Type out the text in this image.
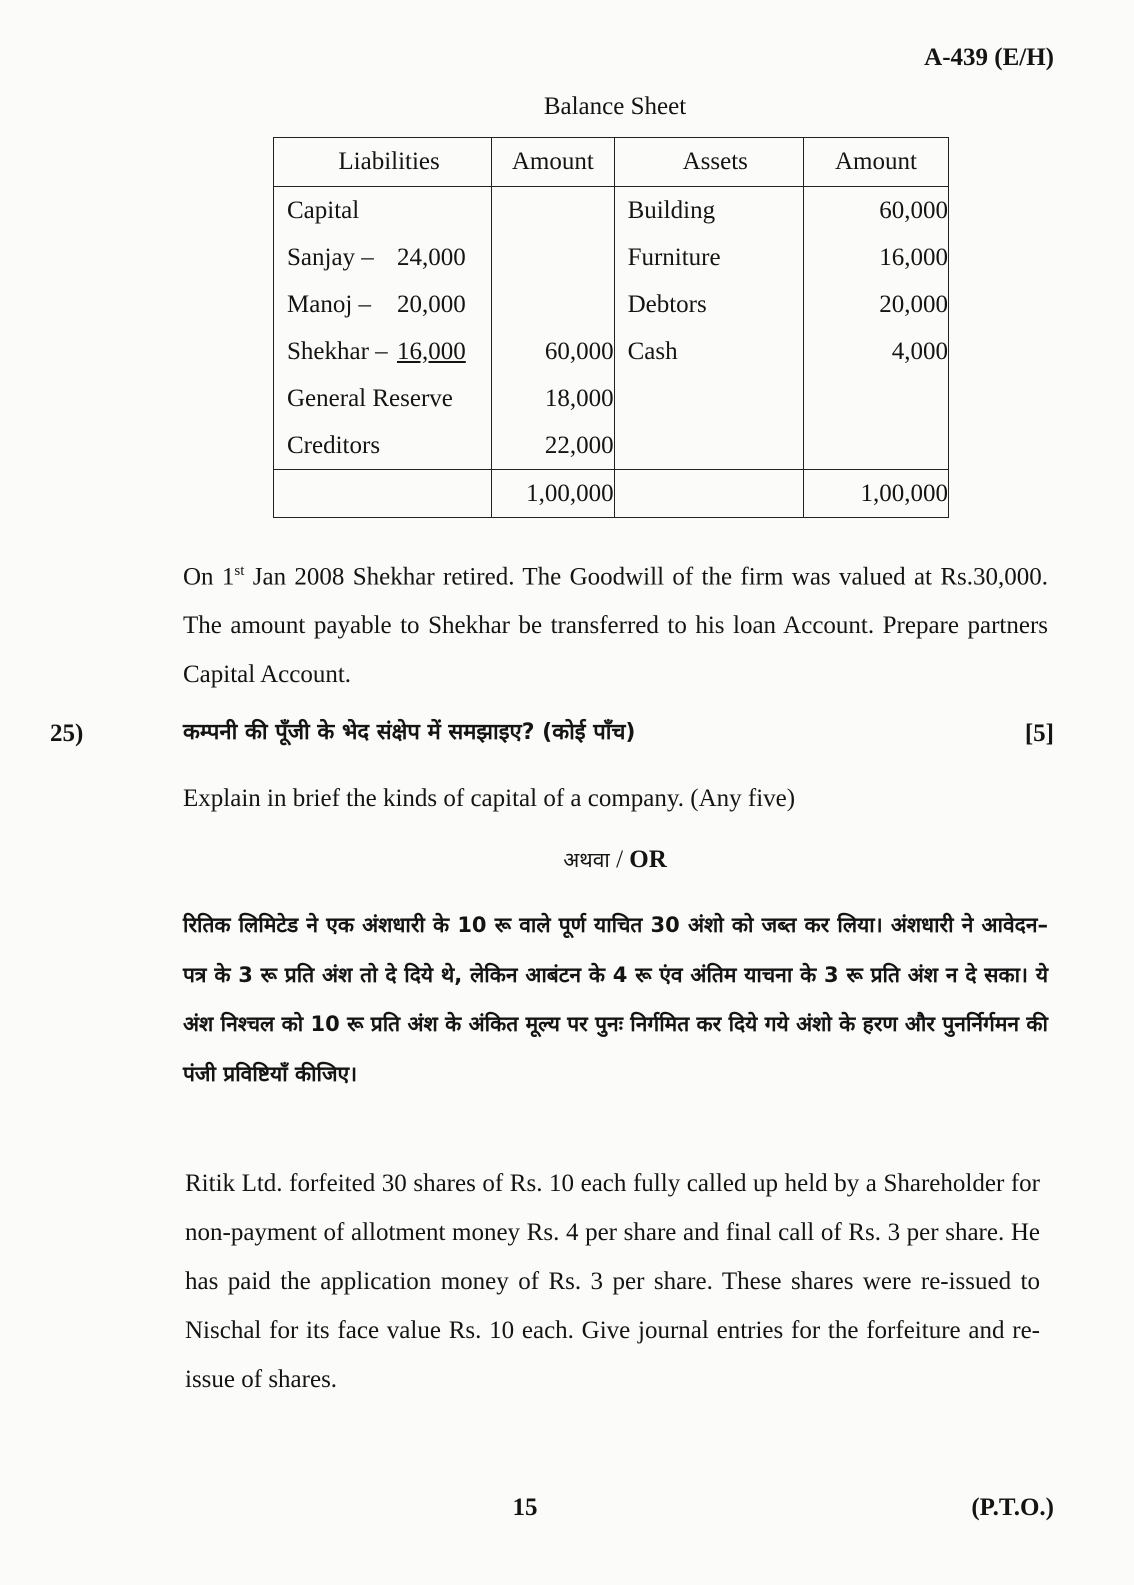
A-439 (E/H)
Balance Sheet
Liabilities	Amount	Assets	Amount
Capital		Building	60,000
Sanjay – 24,000		Furniture	16,000
Manoj – 20,000		Debtors	20,000
Shekhar – 16,000	60,000	Cash	4,000
General Reserve	18,000		
Creditors	22,000		
	1,00,000		1,00,000
On 1st Jan 2008 Shekhar retired. The Goodwill of the firm was valued at Rs.30,000. The amount payable to Shekhar be transferred to his loan Account. Prepare partners Capital Account.
25)	कम्पनी की पूँजी के भेद संक्षेप में समझाइए? (कोई पाँच)	[5]
Explain in brief the kinds of capital of a company. (Any five)
अथवा / OR
रितिक लिमिटेड ने एक अंशधारी के 10 रू वाले पूर्ण याचित 30 अंशो को जब्त कर लिया। अंशधारी ने आवेदन–पत्र के 3 रू प्रति अंश तो दे दिये थे, लेकिन आबंटन के 4 रू एंव अंतिम याचना के 3 रू प्रति अंश न दे सका। ये अंश निश्चल को 10 रू प्रति अंश के अंकित मूल्य पर पुनः निर्गमित कर दिये गये अंशो के हरण और पुनर्निर्गमन की पंजी प्रविष्टियाँ कीजिए।
Ritik Ltd. forfeited 30 shares of Rs. 10 each fully called up held by a Shareholder for non-payment of allotment money Rs. 4 per share and final call of Rs. 3 per share. He has paid the application money of Rs. 3 per share. These shares were re-issued to Nischal for its face value Rs. 10 each. Give journal entries for the forfeiture and re-issue of shares.
15	(P.T.O.)
